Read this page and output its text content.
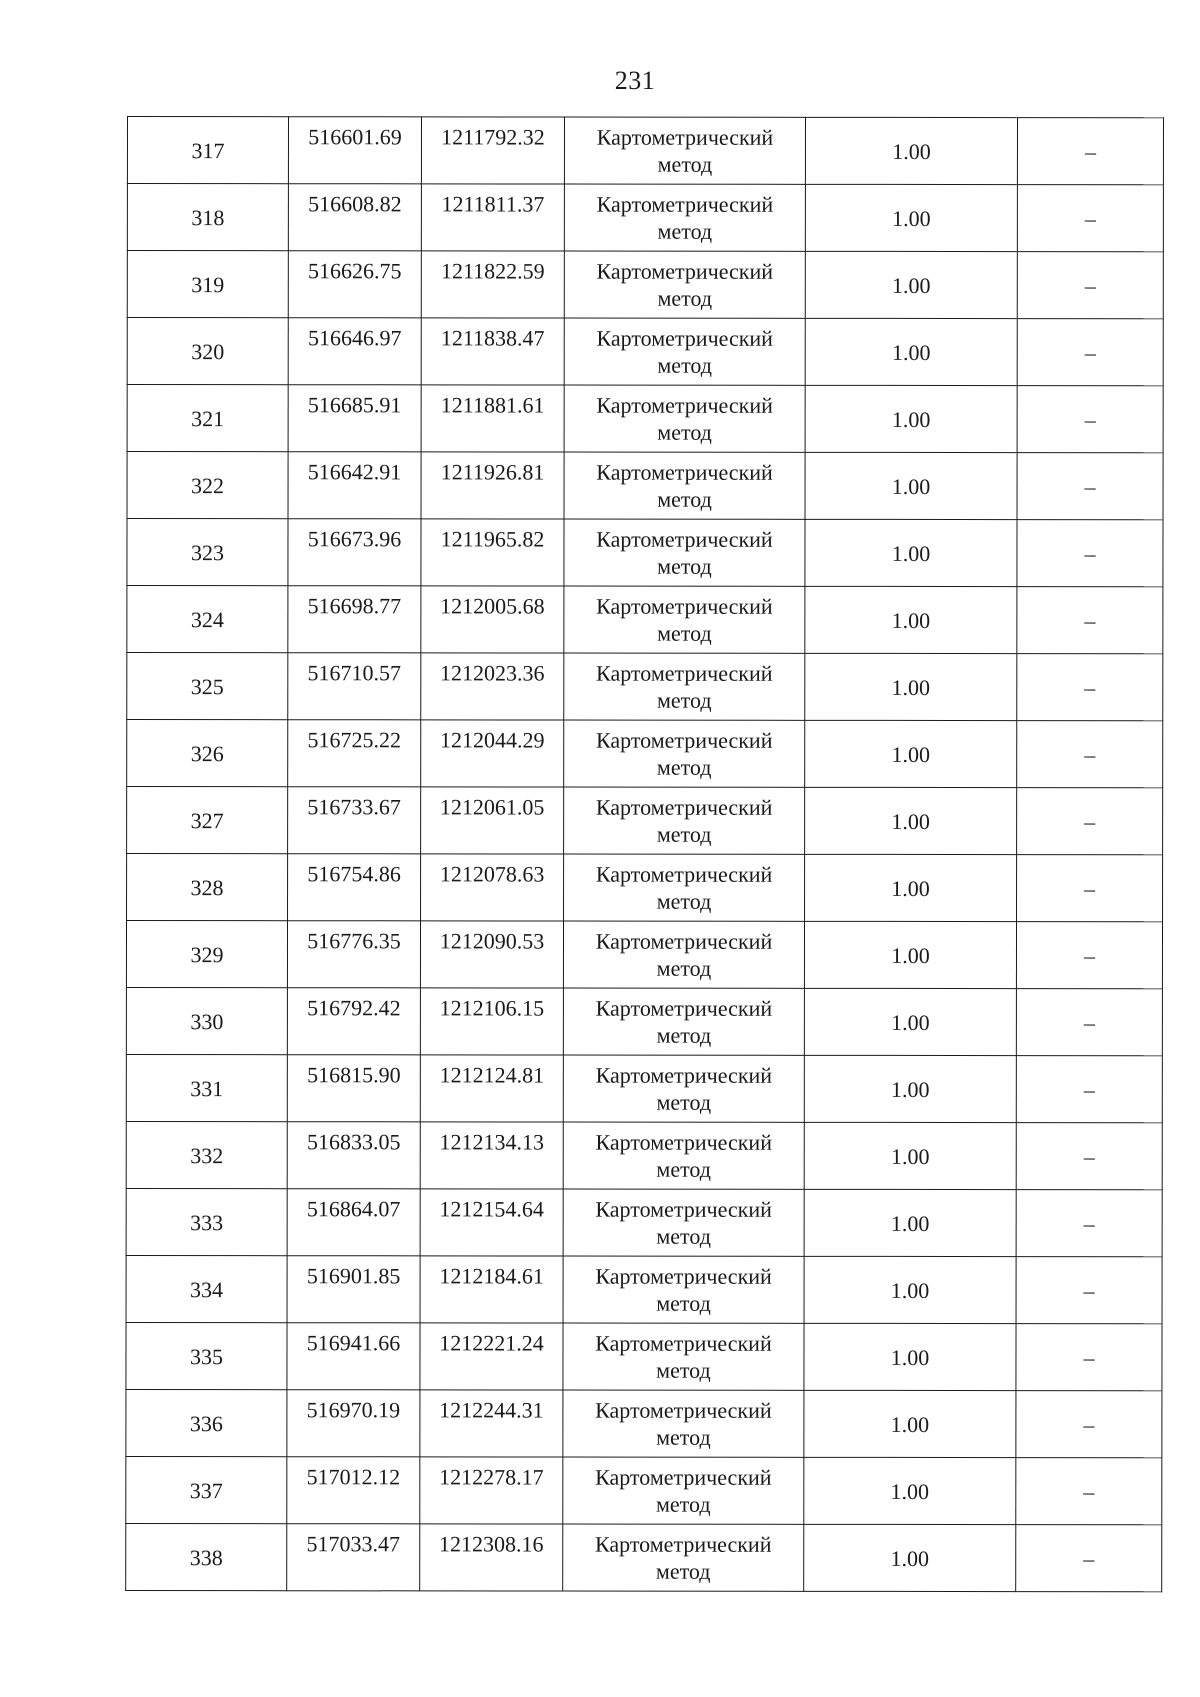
231
317	516601.69	1211792.32	Картометрический метод	1.00	–
318	516608.82	1211811.37	Картометрический метод	1.00	–
319	516626.75	1211822.59	Картометрический метод	1.00	–
320	516646.97	1211838.47	Картометрический метод	1.00	–
321	516685.91	1211881.61	Картометрический метод	1.00	–
322	516642.91	1211926.81	Картометрический метод	1.00	–
323	516673.96	1211965.82	Картометрический метод	1.00	–
324	516698.77	1212005.68	Картометрический метод	1.00	–
325	516710.57	1212023.36	Картометрический метод	1.00	–
326	516725.22	1212044.29	Картометрический метод	1.00	–
327	516733.67	1212061.05	Картометрический метод	1.00	–
328	516754.86	1212078.63	Картометрический метод	1.00	–
329	516776.35	1212090.53	Картометрический метод	1.00	–
330	516792.42	1212106.15	Картометрический метод	1.00	–
331	516815.90	1212124.81	Картометрический метод	1.00	–
332	516833.05	1212134.13	Картометрический метод	1.00	–
333	516864.07	1212154.64	Картометрический метод	1.00	–
334	516901.85	1212184.61	Картометрический метод	1.00	–
335	516941.66	1212221.24	Картометрический метод	1.00	–
336	516970.19	1212244.31	Картометрический метод	1.00	–
337	517012.12	1212278.17	Картометрический метод	1.00	–
338	517033.47	1212308.16	Картометрический метод	1.00	–
